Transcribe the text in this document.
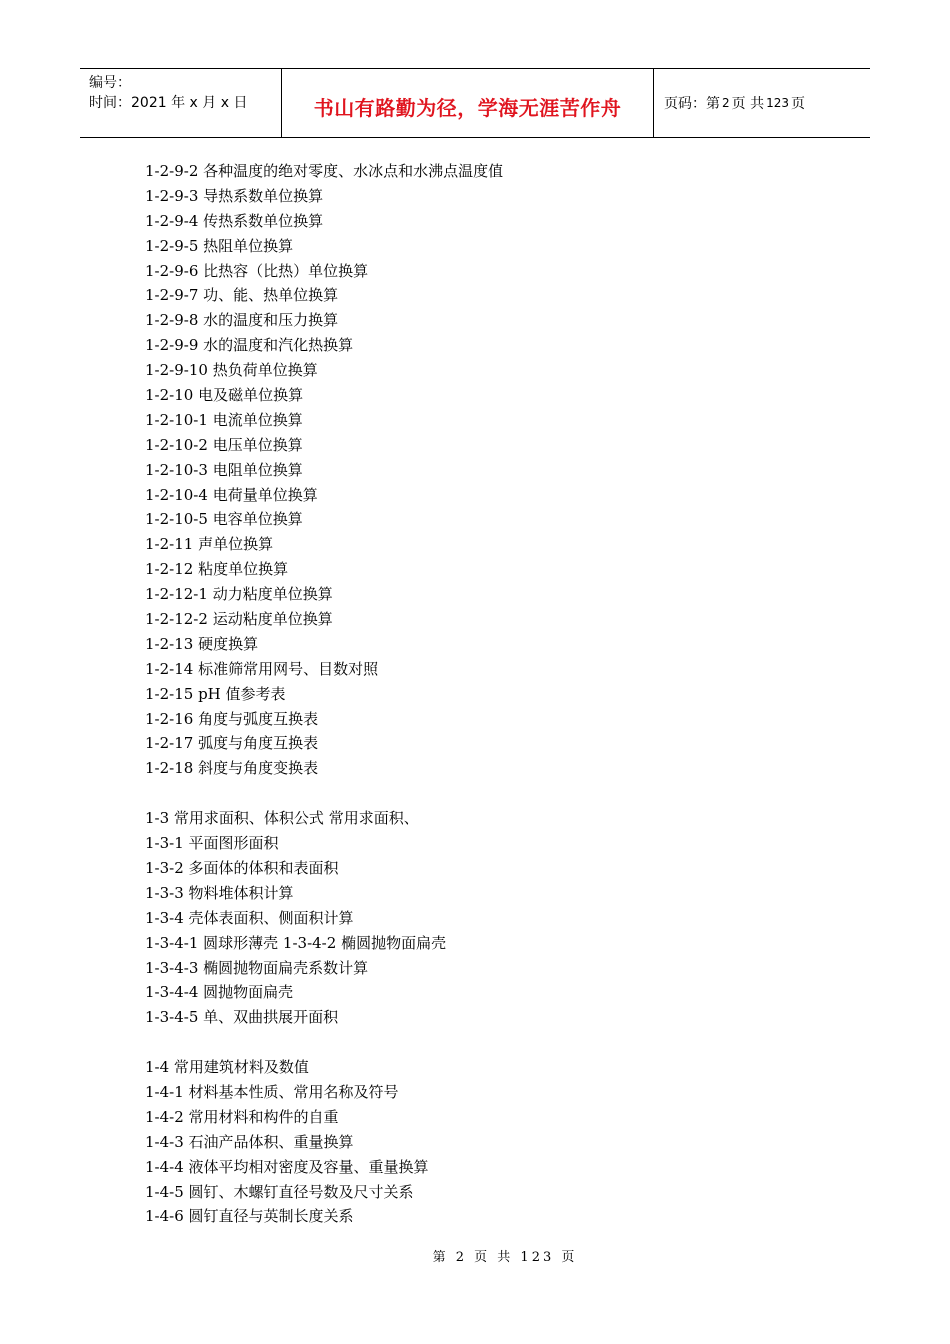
编号：
时间：2021 年 x 月 x 日	书山有路勤为径，学海无涯苦作舟	页码：第 2 页 共 123 页
1-2-9-2 各种温度的绝对零度、水冰点和水沸点温度值
1-2-9-3 导热系数单位换算
1-2-9-4 传热系数单位换算
1-2-9-5 热阻单位换算
1-2-9-6 比热容（比热）单位换算
1-2-9-7 功、能、热单位换算
1-2-9-8 水的温度和压力换算
1-2-9-9 水的温度和汽化热换算
1-2-9-10 热负荷单位换算
1-2-10 电及磁单位换算
1-2-10-1 电流单位换算
1-2-10-2 电压单位换算
1-2-10-3 电阻单位换算
1-2-10-4 电荷量单位换算
1-2-10-5 电容单位换算
1-2-11 声单位换算
1-2-12 粘度单位换算
1-2-12-1 动力粘度单位换算
1-2-12-2 运动粘度单位换算
1-2-13 硬度换算
1-2-14 标准筛常用网号、目数对照
1-2-15 pH 值参考表
1-2-16 角度与弧度互换表
1-2-17 弧度与角度互换表
1-2-18 斜度与角度变换表
1-3 常用求面积、体积公式 常用求面积、
1-3-1 平面图形面积
1-3-2 多面体的体积和表面积
1-3-3 物料堆体积计算
1-3-4 壳体表面积、侧面积计算
1-3-4-1 圆球形薄壳 1-3-4-2 椭圆抛物面扁壳
1-3-4-3 椭圆抛物面扁壳系数计算
1-3-4-4 圆抛物面扁壳
1-3-4-5 单、双曲拱展开面积
1-4 常用建筑材料及数值
1-4-1 材料基本性质、常用名称及符号
1-4-2 常用材料和构件的自重
1-4-3 石油产品体积、重量换算
1-4-4 液体平均相对密度及容量、重量换算
1-4-5 圆钉、木螺钉直径号数及尺寸关系
1-4-6 圆钉直径与英制长度关系
第 2 页 共 123 页
